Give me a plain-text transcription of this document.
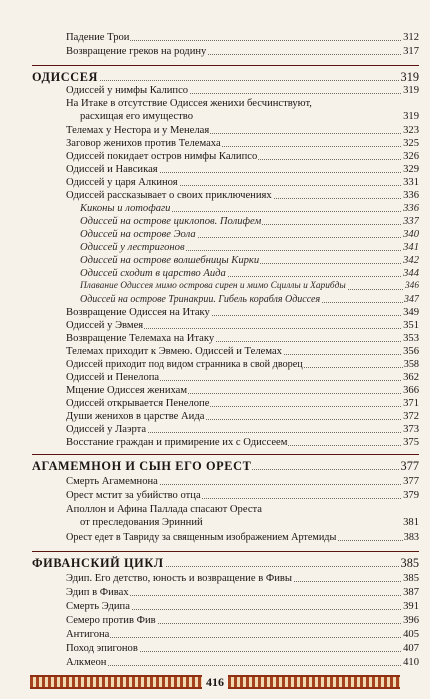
Падение Трои	312
Возвращение греков на родину	317
ОДИССЕЯ	319
Одиссей у нимфы Калипсо	319
На Итаке в отсутствие Одиссея женихи бесчинствуют,
расхищая его имущество	319
Телемах у Нестора и у Менелая	323
Заговор женихов против Телемаха	325
Одиссей покидает остров нимфы Калипсо	326
Одиссей и Навсикая	329
Одиссей у царя Алкиноя	331
Одиссей рассказывает о своих приключениях	336
Киконы и лотофаги	336
Одиссей на острове циклопов. Полифем	337
Одиссей на острове Эола	340
Одиссей у лестригонов	341
Одиссей на острове волшебницы Кирки	342
Одиссей сходит в царство Аида	344
Плавание Одиссея мимо острова сирен и мимо Сциллы и Харибды	346
Одиссей на острове Тринакрии. Гибель корабля Одиссея	347
Возвращение Одиссея на Итаку	349
Одиссей у Эвмея	351
Возвращение Телемаха на Итаку	353
Телемах приходит к Эвмею. Одиссей и Телемах	356
Одиссей приходит под видом странника в свой дворец	358
Одиссей и Пенелопа	362
Мщение Одиссея женихам	366
Одиссей открывается Пенелопе	371
Души женихов в царстве Аида	372
Одиссей у Лаэрта	373
Восстание граждан и примирение их с Одиссеем	375
АГАМЕМНОН И СЫН ЕГО ОРЕСТ	377
Смерть Агамемнона	377
Орест мстит за убийство отца	379
Аполлон и Афина Паллада спасают Ореста
от преследования Эринний	381
Орест едет в Тавриду за священным изображением Артемиды	383
ФИВАНСКИЙ ЦИКЛ	385
Эдип. Его детство, юность и возвращение в Фивы	385
Эдип в Фивах	387
Смерть Эдипа	391
Семеро против Фив	396
Антигона	405
Поход эпигонов	407
Алкмеон	410
416
